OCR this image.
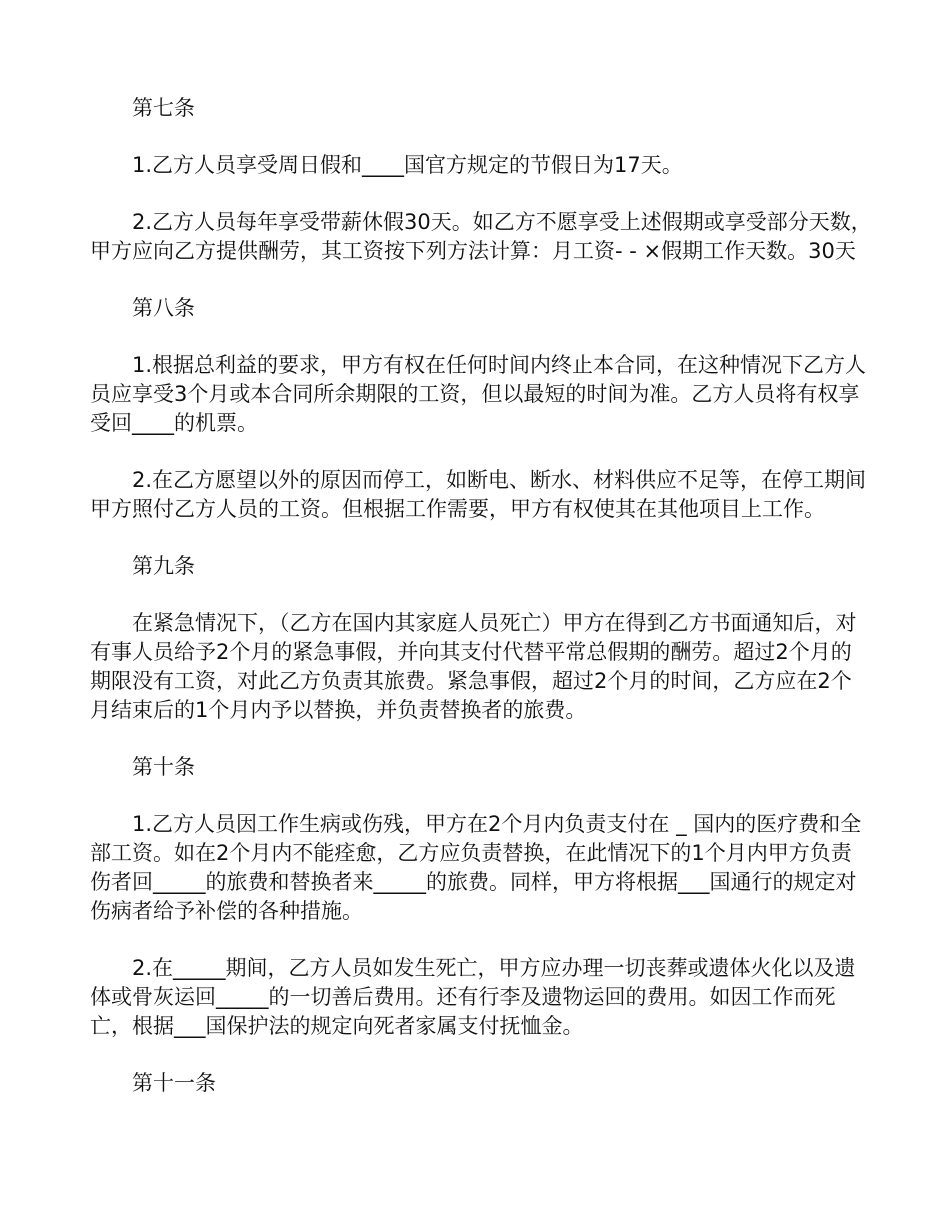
第七条

1.乙方人员享受周日假和____国官方规定的节假日为17天。

2.乙方人员每年享受带薪休假30天。如乙方不愿享受上述假期或享受部分天数，甲方应向乙方提供酬劳，其工资按下列方法计算：月工资- - ×假期工作天数。30天

第八条

1.根据总利益的要求，甲方有权在任何时间内终止本合同，在这种情况下乙方人员应享受3个月或本合同所余期限的工资，但以最短的时间为准。乙方人员将有权享受回____的机票。

2.在乙方愿望以外的原因而停工，如断电、断水、材料供应不足等，在停工期间甲方照付乙方人员的工资。但根据工作需要，甲方有权使其在其他项目上工作。

第九条

在紧急情况下，（乙方在国内其家庭人员死亡）甲方在得到乙方书面通知后，对有事人员给予2个月的紧急事假，并向其支付代替平常总假期的酬劳。超过2个月的期限没有工资，对此乙方负责其旅费。紧急事假，超过2个月的时间，乙方应在2个月结束后的1个月内予以替换，并负责替换者的旅费。

第十条

1.乙方人员因工作生病或伤残，甲方在2个月内负责支付在 _ 国内的医疗费和全部工资。如在2个月内不能痊愈，乙方应负责替换，在此情况下的1个月内甲方负责伤者回_____的旅费和替换者来_____的旅费。同样，甲方将根据___国通行的规定对伤病者给予补偿的各种措施。

2.在_____期间，乙方人员如发生死亡，甲方应办理一切丧葬或遗体火化以及遗体或骨灰运回_____的一切善后费用。还有行李及遗物运回的费用。如因工作而死亡，根据___国保护法的规定向死者家属支付抚恤金。

第十一条
